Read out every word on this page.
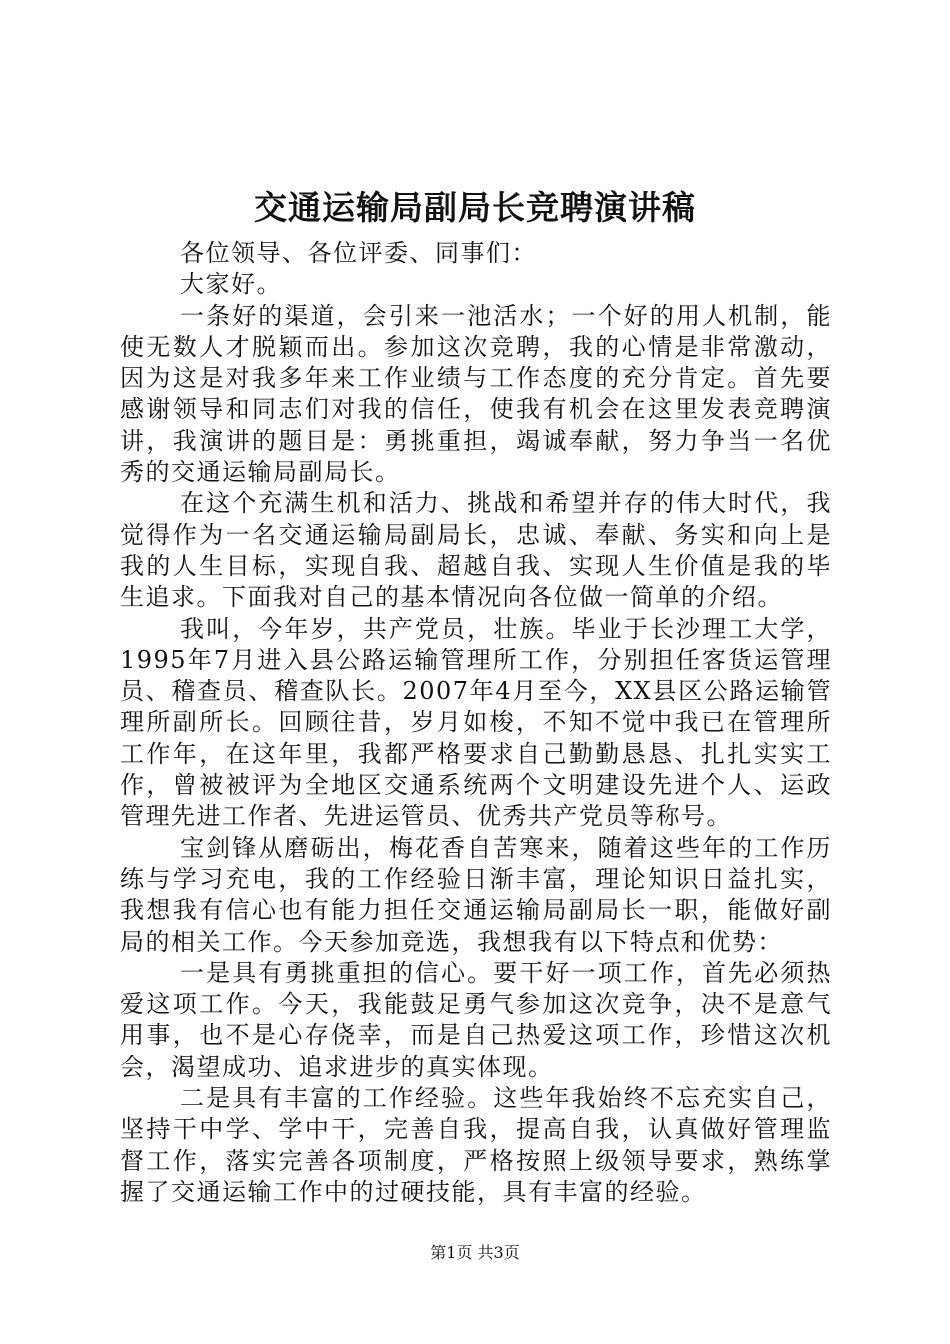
交通运输局副局长竞聘演讲稿

各位领导、各位评委、同事们：

大家好。

一条好的渠道，会引来一池活水；一个好的用人机制，能使无数人才脱颖而出。参加这次竞聘，我的心情是非常激动，因为这是对我多年来工作业绩与工作态度的充分肯定。首先要感谢领导和同志们对我的信任，使我有机会在这里发表竞聘演讲，我演讲的题目是：勇挑重担，竭诚奉献，努力争当一名优秀的交通运输局副局长。

在这个充满生机和活力、挑战和希望并存的伟大时代，我觉得作为一名交通运输局副局长，忠诚、奉献、务实和向上是我的人生目标，实现自我、超越自我、实现人生价值是我的毕生追求。下面我对自己的基本情况向各位做一简单的介绍。

我叫，今年岁，共产党员，壮族。毕业于长沙理工大学，1995年7月进入县公路运输管理所工作，分别担任客货运管理员、稽查员、稽查队长。2007年4月至今，XX县区公路运输管理所副所长。回顾往昔，岁月如梭，不知不觉中我已在管理所工作年，在这年里，我都严格要求自己勤勤恳恳、扎扎实实工作，曾被被评为全地区交通系统两个文明建设先进个人、运政管理先进工作者、先进运管员、优秀共产党员等称号。

宝剑锋从磨砺出，梅花香自苦寒来，随着这些年的工作历练与学习充电，我的工作经验日渐丰富，理论知识日益扎实，我想我有信心也有能力担任交通运输局副局长一职，能做好副局的相关工作。今天参加竞选，我想我有以下特点和优势：

一是具有勇挑重担的信心。要干好一项工作，首先必须热爱这项工作。今天，我能鼓足勇气参加这次竞争，决不是意气用事，也不是心存侥幸，而是自己热爱这项工作，珍惜这次机会，渴望成功、追求进步的真实体现。

二是具有丰富的工作经验。这些年我始终不忘充实自己，坚持干中学、学中干，完善自我，提高自我，认真做好管理监督工作，落实完善各项制度，严格按照上级领导要求，熟练掌握了交通运输工作中的过硬技能，具有丰富的经验。

第1页 共3页
